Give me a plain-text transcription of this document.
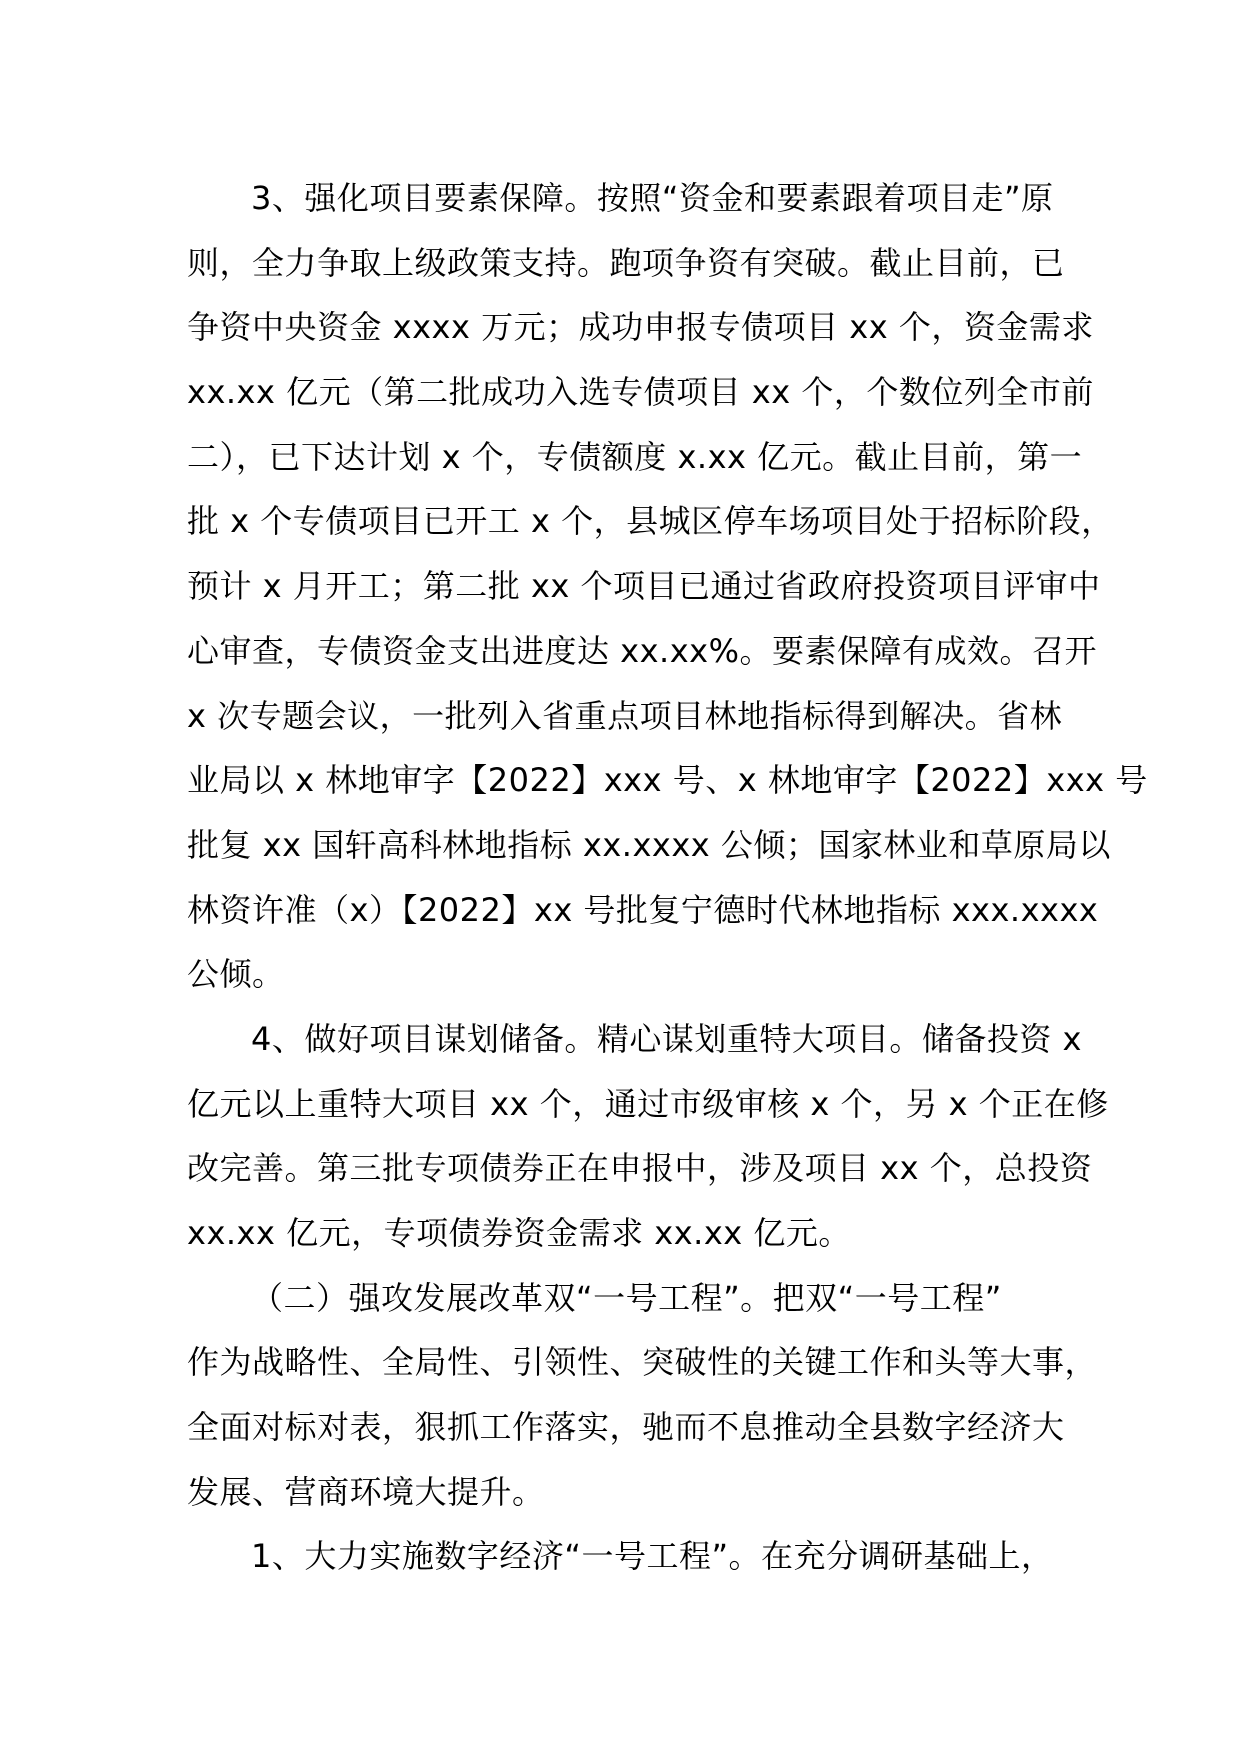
3、强化项目要素保障。按照“资金和要素跟着项目走”原
则，全力争取上级政策支持。跑项争资有突破。截止目前，已
争资中央资金 xxxx 万元；成功申报专债项目 xx 个，资金需求
xx.xx 亿元（第二批成功入选专债项目 xx 个，个数位列全市前
二），已下达计划 x 个，专债额度 x.xx 亿元。截止目前，第一
批 x 个专债项目已开工 x 个，县城区停车场项目处于招标阶段，
预计 x 月开工；第二批 xx 个项目已通过省政府投资项目评审中
心审查，专债资金支出进度达 xx.xx%。要素保障有成效。召开
x 次专题会议，一批列入省重点项目林地指标得到解决。省林
业局以 x 林地审字【2022】xxx 号、x 林地审字【2022】xxx 号
批复 xx 国轩高科林地指标 xx.xxxx 公倾；国家林业和草原局以
林资许准（x）【2022】xx 号批复宁德时代林地指标 xxx.xxxx
公倾。
4、做好项目谋划储备。精心谋划重特大项目。储备投资 x
亿元以上重特大项目 xx 个，通过市级审核 x 个，另 x 个正在修
改完善。第三批专项债券正在申报中，涉及项目 xx 个，总投资
xx.xx 亿元，专项债券资金需求 xx.xx 亿元。
（二）强攻发展改革双“一号工程”。把双“一号工程”
作为战略性、全局性、引领性、突破性的关键工作和头等大事，
全面对标对表，狠抓工作落实，驰而不息推动全县数字经济大
发展、营商环境大提升。
1、大力实施数字经济“一号工程”。在充分调研基础上，
